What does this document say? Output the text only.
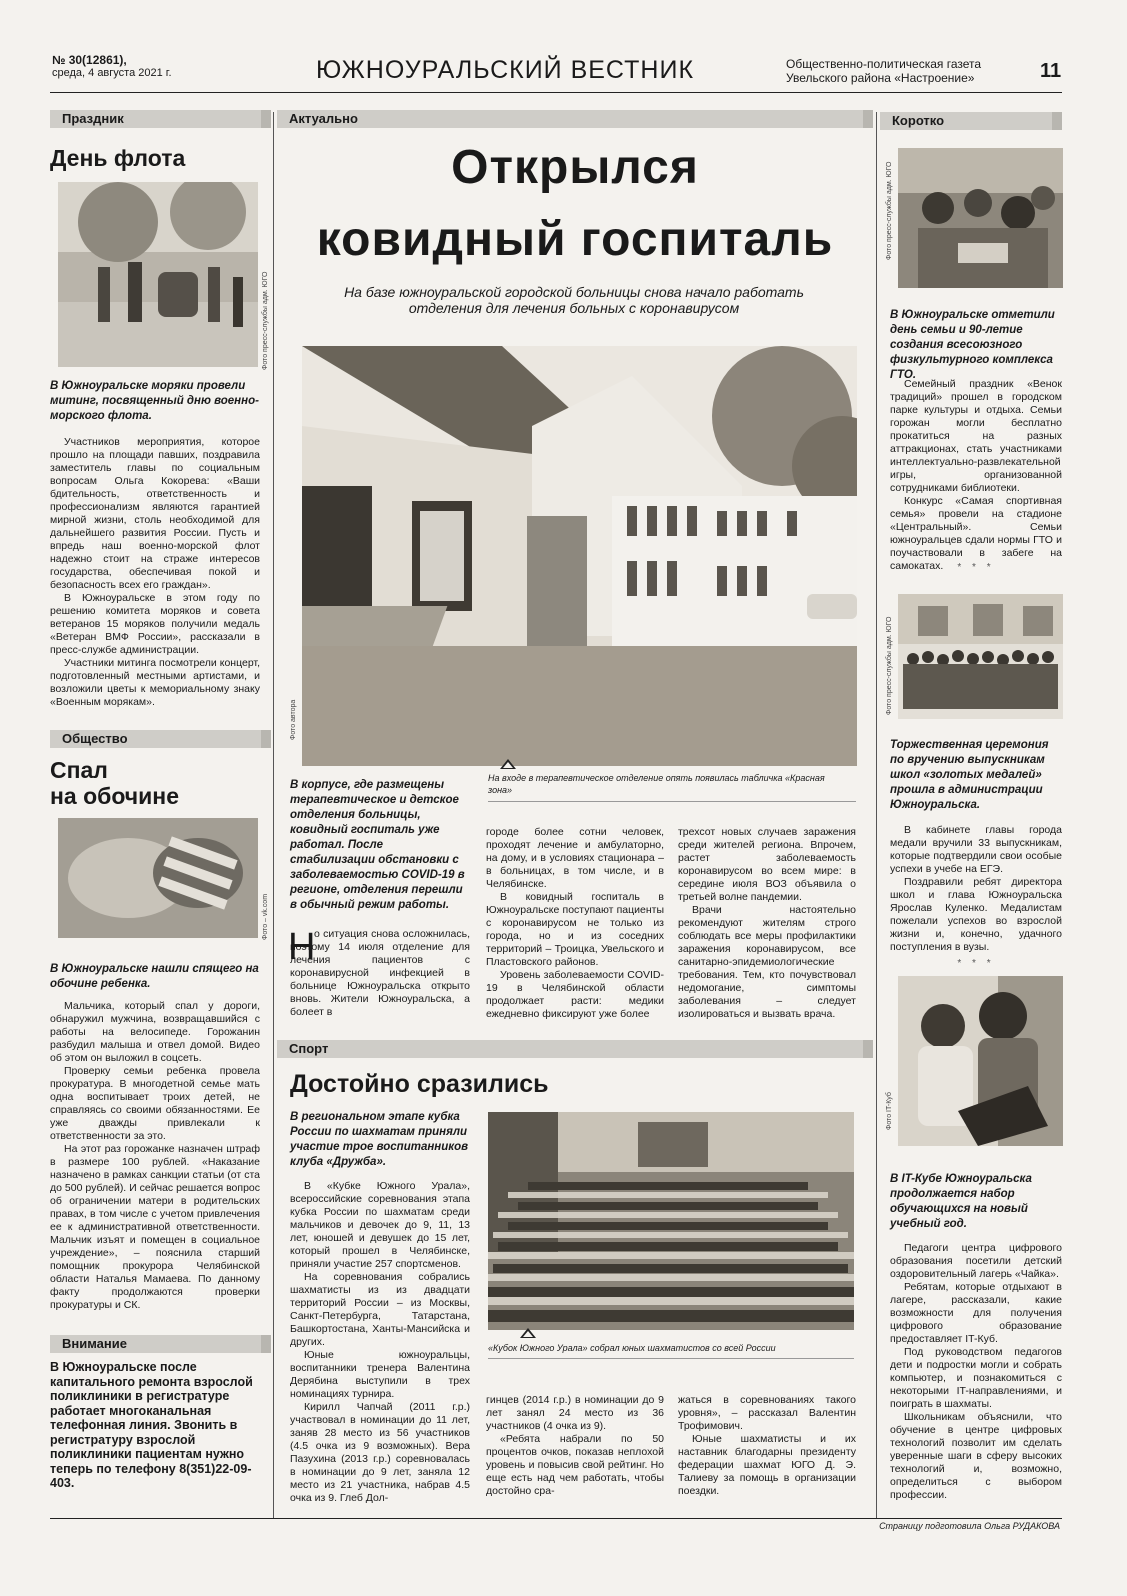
№ 30(12861),
среда, 4 августа 2021 г.	ЮЖНОУРАЛЬСКИЙ ВЕСТНИК	Общественно-политическая газета
Увельского района «Настроение»	11
Праздник
День флота
Фото пресс-службы адм. ЮГО
В Южноуральске моряки провели митинг, посвященный дню военно-морского флота.

Участников мероприятия, которое прошло на площади павших, поздравила заместитель главы по социальным вопросам Ольга Кокорева: «Ваши бдительность, ответственность и профессионализм являются гарантией мирной жизни, столь необходимой для дальнейшего развития России. Пусть и впредь наш военно-морской флот надежно стоит на страже интересов государства, обеспечивая покой и безопасность всех его граждан».

В Южноуральске в этом году по решению комитета моряков и совета ветеранов 15 моряков получили медаль «Ветеран ВМФ России», рассказали в пресс-службе администрации.

Участники митинга посмотрели концерт, подготовленный местными артистами, и возложили цветы к мемориальному знаку «Военным морякам».

Общество
Спал
на обочине
Фото – vk.com
В Южноуральске нашли спящего на обочине ребенка.

Мальчика, который спал у дороги, обнаружил мужчина, возвращавшийся с работы на велосипеде. Горожанин разбудил малыша и отвел домой. Видео об этом он выложил в соцсеть.

Проверку семьи ребенка провела прокуратура. В многодетной семье мать одна воспитывает троих детей, не справляясь со своими обязанностями. Ее уже дважды привлекали к ответственности за это.

На этот раз горожанке назначен штраф в размере 100 рублей. «Наказание назначено в рамках санкции статьи (от ста до 500 рублей). И сейчас решается вопрос об ограничении матери в родительских правах, в том числе с учетом привлечения ее к административной ответственности. Мальчик изъят и помещен в социальное учреждение», – пояснила старший помощник прокурора Челябинской области Наталья Мамаева. По данному факту продолжаются проверки прокуратуры и СК.

Внимание
В Южноуральске после капитального ремонта взрослой поликлиники в регистратуре работает многоканальная телефонная линия. Звонить в регистратуру взрослой поликлиники пациентам нужно теперь по телефону 8(351)22-09-403.
Актуально
Открылся
ковидный госпиталь
На базе южноуральской городской больницы снова начало работать отделения для лечения больных с коронавирусом
Фото автора
На входе в терапевтическое отделение опять появилась табличка «Красная зона»
В корпусе, где размещены терапевтическое и детское отделения больницы, ковидный госпиталь уже работал. После стабилизации обстановки с заболеваемостью COVID-19 в регионе, отделения перешли в обычный режим работы.
Н

о ситуация снова осложнилась, поэтому 14 июля отделение для лечения пациентов с коронавирусной инфекцией в больнице Южноуральска открыто вновь. Жители Южноуральска, а болеет в

городе более сотни человек, проходят лечение и амбулаторно, на дому, и в условиях стационара – в больницах, в том числе, и в Челябинске.

В ковидный госпиталь в Южноуральске поступают пациенты с коронавирусом не только из города, но и из соседних территорий – Троицка, Увельского и Пластовского районов.

Уровень заболеваемости COVID-19 в Челябинской области продолжает расти: медики ежедневно фиксируют уже более

трехсот новых случаев заражения среди жителей региона. Впрочем, растет заболеваемость коронавирусом во всем мире: в середине июля ВОЗ объявила о третьей волне пандемии.

Врачи настоятельно рекомендуют жителям строго соблюдать все меры профилактики заражения коронавирусом, все санитарно-эпидемиологические требования. Тем, кто почувствовал недомогание, симптомы заболевания – следует изолироваться и вызвать врача.

Спорт
Достойно сразились
В региональном этапе кубка России по шахматам приняли участие трое воспитанников клуба «Дружба».

В «Кубке Южного Урала», всероссийские соревнования этапа кубка России по шахматам среди мальчиков и девочек до 9, 11, 13 лет, юношей и девушек до 15 лет, который прошел в Челябинске, приняли участие 257 спортсменов.

На соревнования собрались шахматисты из из двадцати территорий России – из Москвы, Санкт-Петербурга, Татарстана, Башкортостана, Ханты-Мансийска и других.

Юные южноуральцы, воспитанники тренера Валентина Дерябина выступили в трех номинациях турнира.

Кирилл Чапчай (2011 г.р.) участвовал в номинации до 11 лет, заняв 28 место из 56 участников (4.5 очка из 9 возможных). Вера Пазухина (2013 г.р.) соревновалась в номинации до 9 лет, заняла 12 место из 21 участника, набрав 4.5 очка из 9. Глеб Дол-

«Кубок Южного Урала» собрал юных шахматистов со всей России

гинцев (2014 г.р.) в номинации до 9 лет занял 24 место из 36 участников (4 очка из 9).

«Ребята набрали по 50 процентов очков, показав неплохой уровень и повысив свой рейтинг. Но еще есть над чем работать, чтобы достойно сра-

жаться в соревнованиях такого уровня», – рассказал Валентин Трофимович.

Юные шахматисты и их наставник благодарны президенту федерации шахмат ЮГО Д. Э. Талиеву за помощь в организации поездки.

Коротко
Фото пресс-службы адм. ЮГО
В Южноуральске отметили день семьи и 90-летие создания всесоюзного физкультурного комплекса ГТО.

Семейный праздник «Венок традиций» прошел в городском парке культуры и отдыха. Семьи горожан могли бесплатно прокатиться на разных аттракционах, стать участниками интеллектуально-развлекательной игры, организованной сотрудниками библиотеки.

Конкурс «Самая спортивная семья» провели на стадионе «Центральный». Семьи южноуральцев сдали нормы ГТО и поучаствовали в забеге на самокатах.	* * *
Фото пресс-службы адм. ЮГО
Торжественная церемония по вручению выпускникам школ «золотых медалей» прошла в администрации Южноуральска.

В кабинете главы города медали вручили 33 выпускникам, которые подтвердили свои особые успехи в учебе на ЕГЭ.

Поздравили ребят директора школ и глава Южноуральска Ярослав Куленко. Медалистам пожелали успехов во взрослой жизни и, конечно, удачного поступления в вузы.

* * *
Фото IT-Куб
В IT-Кубе Южноуральска продолжается набор обучающихся на новый учебный год.

Педагоги центра цифрового образования посетили детский оздоровительный лагерь «Чайка».

Ребятам, которые отдыхают в лагере, рассказали, какие возможности для получения цифрового образование предоставляет IT-Куб.

Под руководством педагогов дети и подростки могли и собрать компьютер, и познакомиться с некоторыми IT-направлениями, и поиграть в шахматы.

Школьникам объяснили, что обучение в центре цифровых технологий позволит им сделать уверенные шаги в сферу высоких технологий и, возможно, определиться с выбором профессии.

Страницу подготовила Ольга РУДАКОВА
